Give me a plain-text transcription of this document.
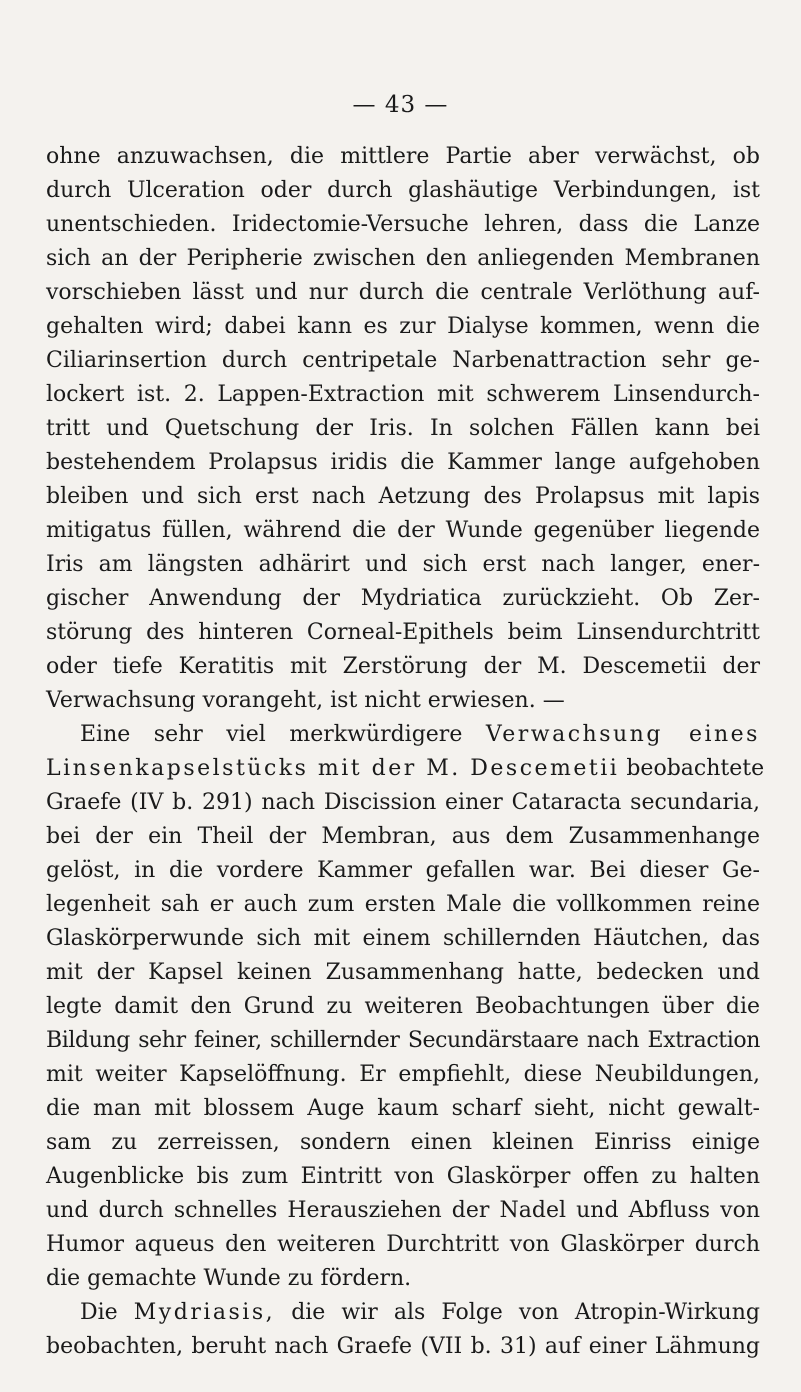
— 43 —
ohne anzuwachsen, die mittlere Partie aber verwächst, ob
durch Ulceration oder durch glashäutige Verbindungen, ist
unentschieden. Iridectomie-Versuche lehren, dass die Lanze
sich an der Peripherie zwischen den anliegenden Membranen
vorschieben lässt und nur durch die centrale Verlöthung auf-
gehalten wird; dabei kann es zur Dialyse kommen, wenn die
Ciliarinsertion durch centripetale Narbenattraction sehr ge-
lockert ist. 2. Lappen-Extraction mit schwerem Linsendurch-
tritt und Quetschung der Iris. In solchen Fällen kann bei
bestehendem Prolapsus iridis die Kammer lange aufgehoben
bleiben und sich erst nach Aetzung des Prolapsus mit lapis
mitigatus füllen, während die der Wunde gegenüber liegende
Iris am längsten adhärirt und sich erst nach langer, ener-
gischer Anwendung der Mydriatica zurückzieht. Ob Zer-
störung des hinteren Corneal-Epithels beim Linsendurchtritt
oder tiefe Keratitis mit Zerstörung der M. Descemetii der
Verwachsung vorangeht, ist nicht erwiesen. —
Eine sehr viel merkwürdigere Verwachsung eines
Linsenkapselstücks mit der M. Descemetii beobachtete
Graefe (IV b. 291) nach Discission einer Cataracta secundaria,
bei der ein Theil der Membran, aus dem Zusammenhange
gelöst, in die vordere Kammer gefallen war. Bei dieser Ge-
legenheit sah er auch zum ersten Male die vollkommen reine
Glaskörperwunde sich mit einem schillernden Häutchen, das
mit der Kapsel keinen Zusammenhang hatte, bedecken und
legte damit den Grund zu weiteren Beobachtungen über die
Bildung sehr feiner, schillernder Secundärstaare nach Extraction
mit weiter Kapselöffnung. Er empfiehlt, diese Neubildungen,
die man mit blossem Auge kaum scharf sieht, nicht gewalt-
sam zu zerreissen, sondern einen kleinen Einriss einige
Augenblicke bis zum Eintritt von Glaskörper offen zu halten
und durch schnelles Herausziehen der Nadel und Abfluss von
Humor aqueus den weiteren Durchtritt von Glaskörper durch
die gemachte Wunde zu fördern.
Die Mydriasis, die wir als Folge von Atropin-Wirkung
beobachten, beruht nach Graefe (VII b. 31) auf einer Lähmung
